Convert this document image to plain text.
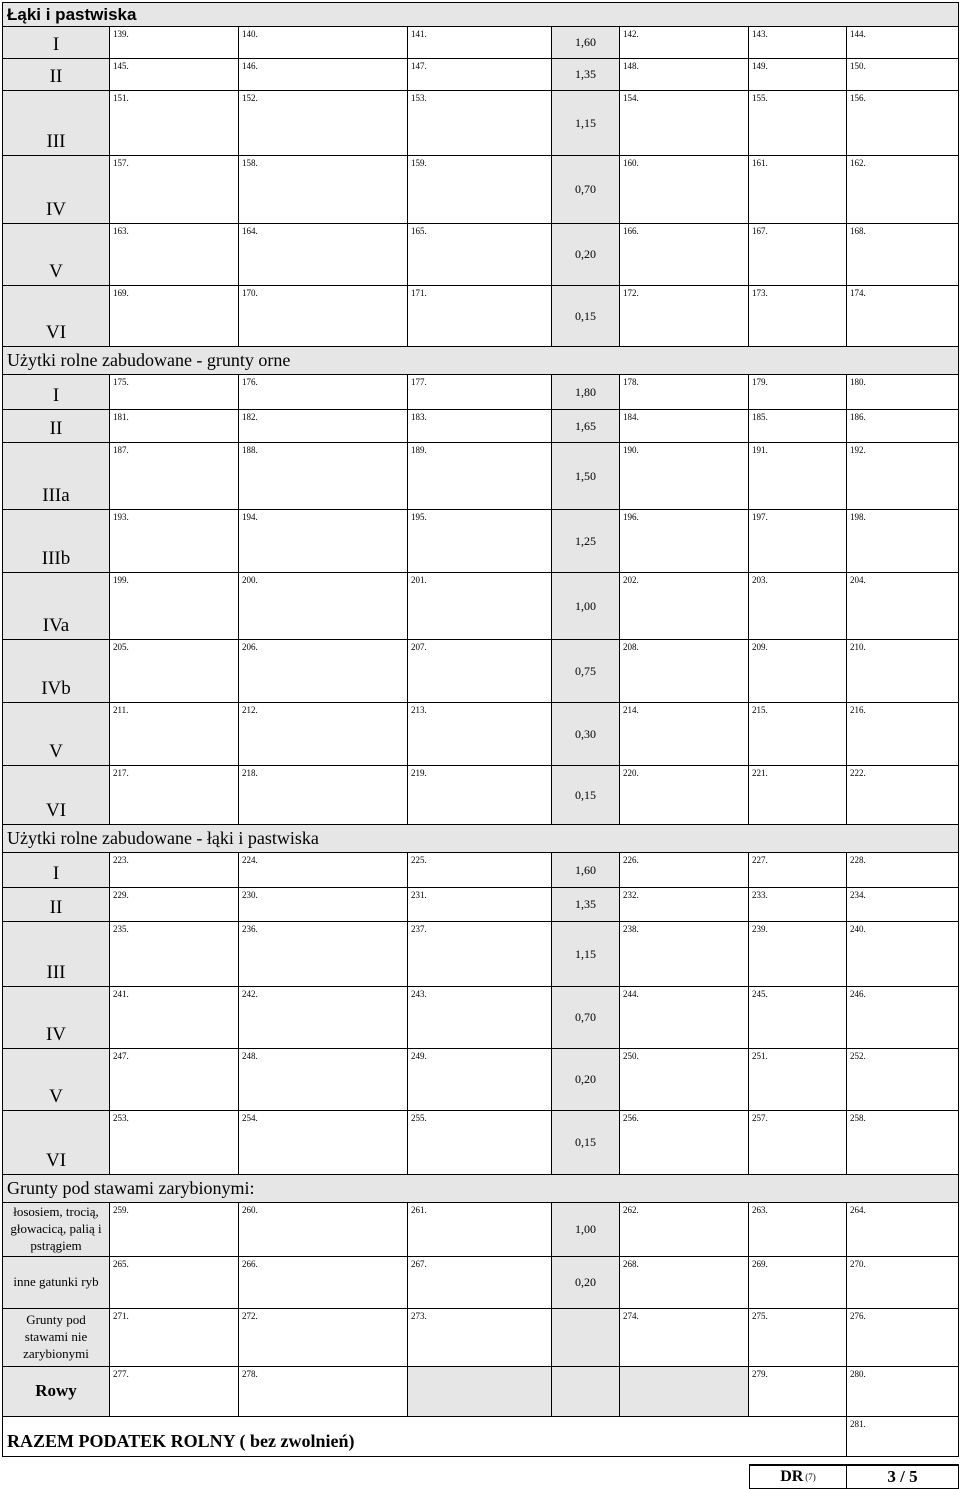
Łąki i pastwiska								
I	139.	140.	141.	1,60	142.	143.	144.	
II	145.	146.	147.	1,35	148.	149.	150.	
III	151.	152.	153.	1,15	154.	155.	156.	
IV	157.	158.	159.	0,70	160.	161.	162.	
V	163.	164.	165.	0,20	166.	167.	168.	
VI	169.	170.	171.	0,15	172.	173.	174.	
Użytki rolne zabudowane - grunty orne								
I	175.	176.	177.	1,80	178.	179.	180.	
II	181.	182.	183.	1,65	184.	185.	186.	
IIIa	187.	188.	189.	1,50	190.	191.	192.	
IIIb	193.	194.	195.	1,25	196.	197.	198.	
IVa	199.	200.	201.	1,00	202.	203.	204.	
IVb	205.	206.	207.	0,75	208.	209.	210.	
V	211.	212.	213.	0,30	214.	215.	216.	
VI	217.	218.	219.	0,15	220.	221.	222.	
Użytki rolne zabudowane - łąki i pastwiska								
I	223.	224.	225.	1,60	226.	227.	228.	
II	229.	230.	231.	1,35	232.	233.	234.	
III	235.	236.	237.	1,15	238.	239.	240.	
IV	241.	242.	243.	0,70	244.	245.	246.	
V	247.	248.	249.	0,20	250.	251.	252.	
VI	253.	254.	255.	0,15	256.	257.	258.	
Grunty pod stawami zarybionymi:								
łososiem, trocią, głowacicą, palią i pstrągiem	259.	260.	261.	1,00	262.	263.	264.	
inne gatunki ryb	265.	266.	267.	0,20	268.	269.	270.	
Grunty pod stawami nie zarybionymi	271.	272.	273.		274.	275.	276.	
Rowy	277.	278.				279.	280.	
RAZEM PODATEK ROLNY ( bez zwolnień)							281.	
DR (7)	3 / 5
